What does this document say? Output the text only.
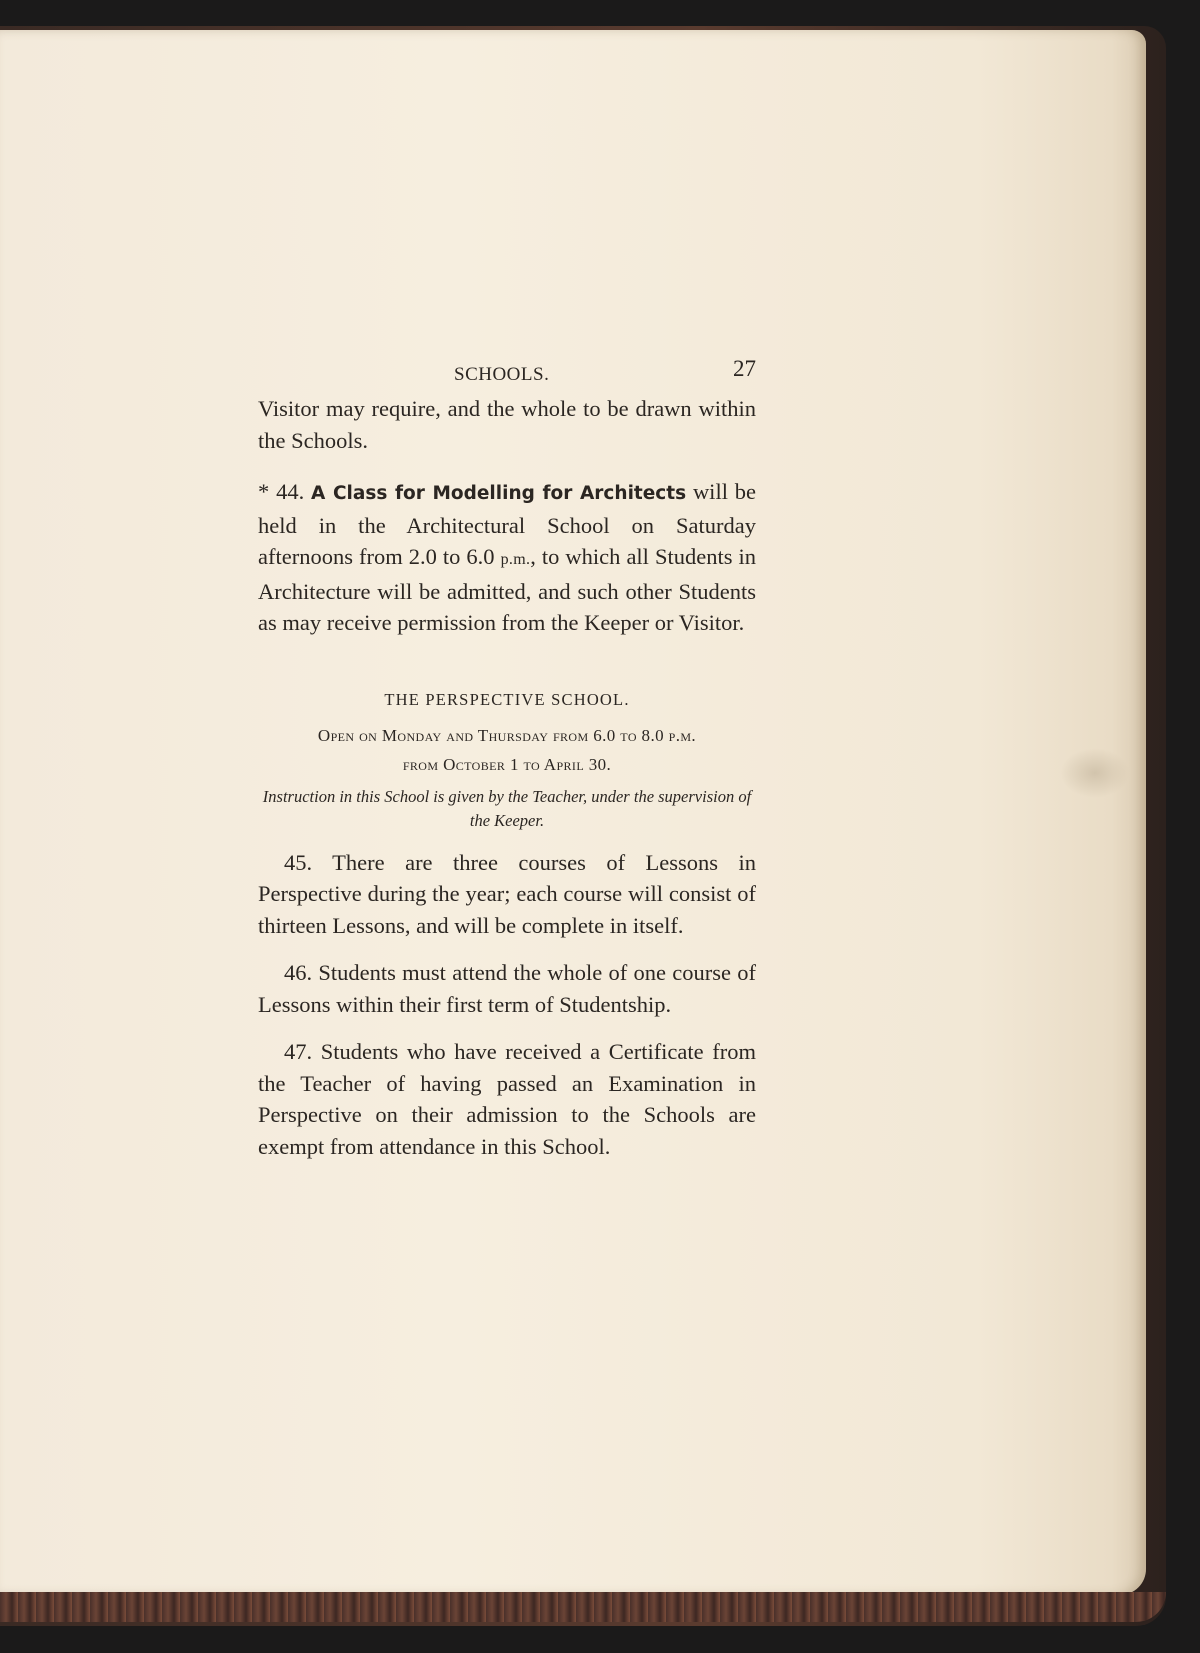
SCHOOLS.	27

Visitor may require, and the whole to be drawn within the Schools.

* 44. A Class for Modelling for Architects will be held in the Architectural School on Saturday afternoons from 2.0 to 6.0 p.m., to which all Students in Architecture will be admitted, and such other Students as may receive permission from the Keeper or Visitor.

THE PERSPECTIVE SCHOOL.
Open on Monday and Thursday from 6.0 to 8.0 p.m.
from October 1 to April 30.
Instruction in this School is given by the Teacher, under the supervision of the Keeper.

45. There are three courses of Lessons in Perspective during the year; each course will consist of thirteen Lessons, and will be complete in itself.

46. Students must attend the whole of one course of Lessons within their first term of Studentship.

47. Students who have received a Certificate from the Teacher of having passed an Examination in Perspective on their admission to the Schools are exempt from attendance in this School.
